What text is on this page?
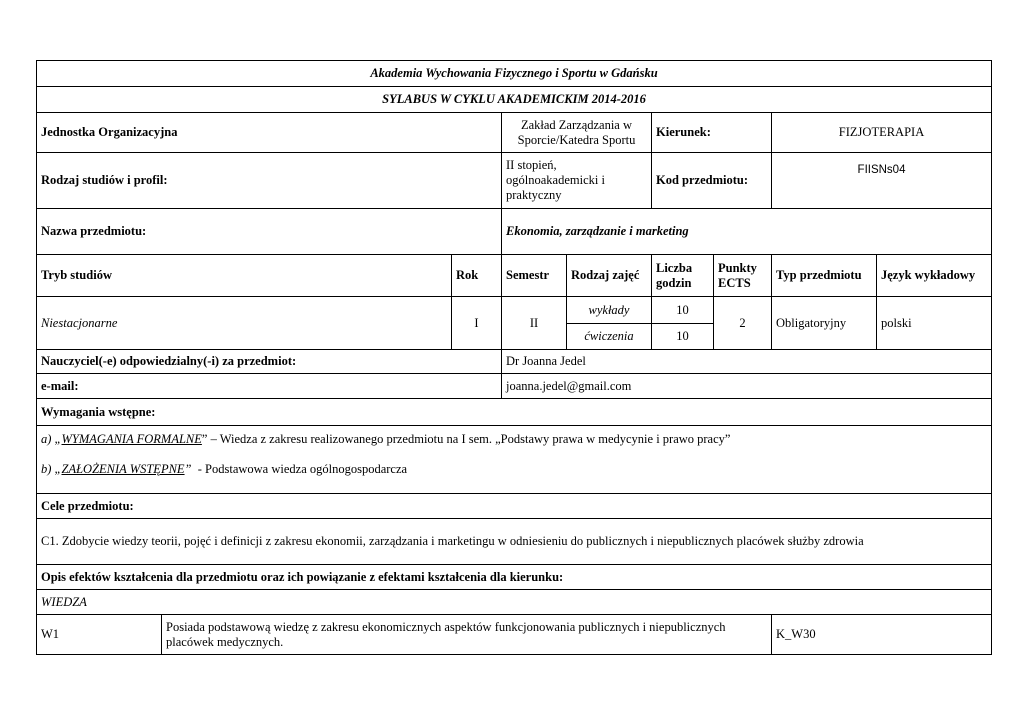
Akademia Wychowania Fizycznego i Sportu w Gdańsku								
SYLABUS W CYKLU AKADEMICKIM 2014-2016								
Jednostka Organizacyjna			Zakład Zarządzania w Sporcie/Katedra Sportu		Kierunek:		FIZJOTERAPIA	
Rodzaj studiów i profil:			II stopień, ogólnoakademicki i praktyczny		Kod przedmiotu:		FIISNs04	
Nazwa przedmiotu:			Ekonomia, zarządzanie i marketing					
Tryb studiów		Rok	Semestr	Rodzaj zajęć	Liczba godzin	Punkty ECTS	Typ przedmiotu	Język wykładowy
Niestacjonarne		I	II	wykłady	10	2	Obligatoryjny	polski
				ćwiczenia	10			
Nauczyciel(-e) odpowiedzialny(-i) za przedmiot:			Dr Joanna Jedel					
e-mail:			joanna.jedel@gmail.com					
Wymagania wstępne:								

a) „WYMAGANIA FORMALNE” – Wiedza z zakresu realizowanego przedmiotu na I sem. „Podstawy prawa w medycynie i prawo pracy”

b) „ZAŁOŻENIA WSTĘPNE”  - Podstawowa wiedza ogólnogospodarcza								

Cele przedmiotu:								
C1. Zdobycie wiedzy teorii, pojęć i definicji z zakresu ekonomii, zarządzania i marketingu w odniesieniu do publicznych i niepublicznych placówek służby zdrowia								
Opis efektów kształcenia dla przedmiotu oraz ich powiązanie z efektami kształcenia dla kierunku:								
WIEDZA								
W1	Posiada podstawową wiedzę z zakresu ekonomicznych aspektów funkcjonowania publicznych i niepublicznych placówek medycznych.						K_W30	
